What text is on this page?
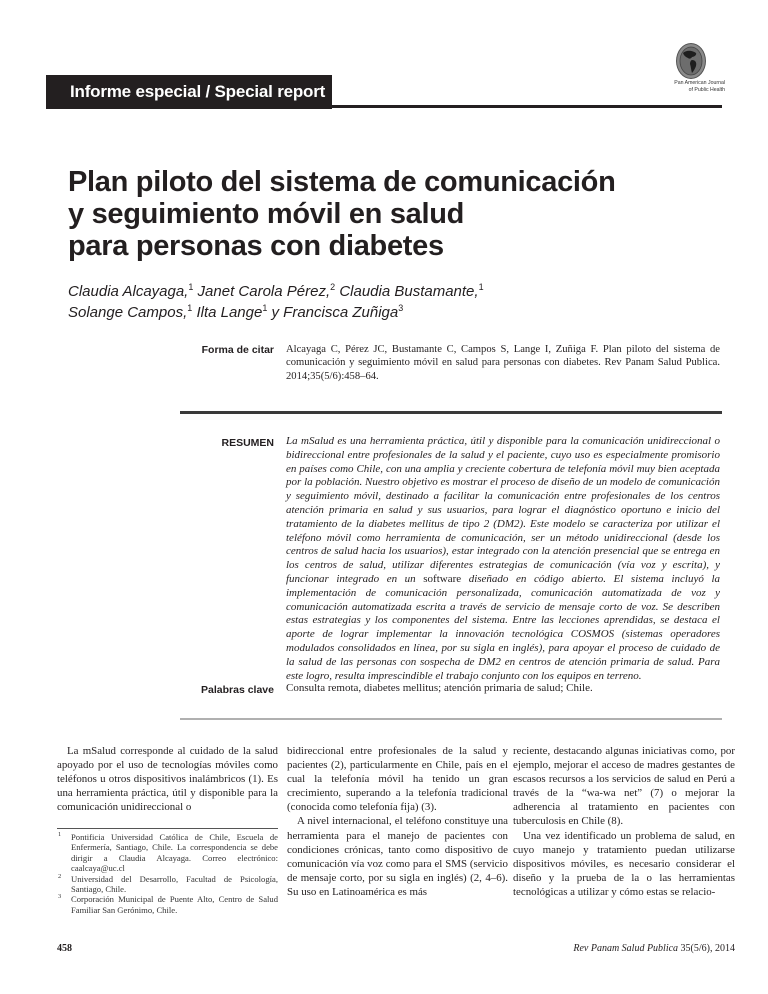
Informe especial / Special report	Pan American Journal
of Public Health
Plan piloto del sistema de comunicación
y seguimiento móvil en salud
para personas con diabetes
Claudia Alcayaga,$^1$ Janet Carola Pérez,$^2$ Claudia Bustamante,$^1$
Solange Campos,$^1$ Ilta Lange$^1$ y Francisca Zuñiga$^3$
Forma de citar Alcayaga C, Pérez JC, Bustamante C, Campos S, Lange I, Zuñiga F. Plan piloto del sistema de comunicación y seguimiento móvil en salud para personas con diabetes. Rev Panam Salud Publica. 2014;35(5/6):458–64.
RESUMEN La mSalud es una herramienta práctica, útil y disponible para la comunicación unidireccional o bidireccional entre profesionales de la salud y el paciente, cuyo uso es especialmente promisorio en países como Chile, con una amplia y creciente cobertura de telefonía móvil muy bien aceptada por la población. Nuestro objetivo es mostrar el proceso de diseño de un modelo de comunicación y seguimiento móvil, destinado a facilitar la comunicación entre profesionales de los centros atención primaria en salud y sus usuarios, para lograr el diagnóstico oportuno e inicio del tratamiento de la diabetes mellitus de tipo 2 (DM2). Este modelo se caracteriza por utilizar el teléfono móvil como herramienta de comunicación, ser un método unidireccional (desde los centros de salud hacia los usuarios), estar integrado con la atención presencial que se entrega en los centros de salud, utilizar diferentes estrategias de comunicación (vía voz y escrita), y funcionar integrado en un software diseñado en código abierto. El sistema incluyó la implementación de comunicación personalizada, comunicación automatizada de voz y comunicación automatizada escrita a través de servicio de mensaje corto de voz. Se describen estas estrategias y los componentes del sistema. Entre las lecciones aprendidas, se destaca el aporte de lograr implementar la innovación tecnológica COSMOS (sistemas operadores modulados consolidados en línea, por su sigla en inglés), para apoyar el proceso de cuidado de la salud de las personas con sospecha de DM2 en centros de atención primaria de salud. Para este logro, resulta imprescindible el trabajo conjunto con los equipos en terreno.
Palabras clave Consulta remota, diabetes mellitus; atención primaria de salud; Chile.

La mSalud corresponde al cuidado de la salud apoyado por el uso de tecnologías móviles como teléfonos u otros dispositivos inalámbricos (1). Es una herramienta práctica, útil y disponible para la comunicación unidireccional o

1 Pontificia Universidad Católica de Chile, Escuela de Enfermería, Santiago, Chile. La correspondencia se debe dirigir a Claudia Alcayaga. Correo electrónico: caalcaya@uc.cl
2 Universidad del Desarrollo, Facultad de Psicología, Santiago, Chile.
3 Corporación Municipal de Puente Alto, Centro de Salud Familiar San Gerónimo, Chile.

bidireccional entre profesionales de la salud y pacientes (2), particularmente en Chile, país en el cual la telefonía móvil ha tenido un gran crecimiento, superando a la telefonía tradicional (conocida como telefonía fija) (3).

A nivel internacional, el teléfono constituye una herramienta para el manejo de pacientes con condiciones crónicas, tanto como dispositivo de comunicación vía voz como para el SMS (servicio de mensaje corto, por su sigla en inglés) (2, 4–6). Su uso en Latinoamérica es más

reciente, destacando algunas iniciativas como, por ejemplo, mejorar el acceso de madres gestantes de escasos recursos a los servicios de salud en Perú a través de la “wa-wa net” (7) o mejorar la adherencia al tratamiento en pacientes con tuberculosis en Chile (8).

Una vez identificado un problema de salud, en cuyo manejo y tratamiento puedan utilizarse dispositivos móviles, es necesario considerar el diseño y la prueba de la o las herramientas tecnológicas a utilizar y cómo estas se relacio-

458	Rev Panam Salud Publica 35(5/6), 2014
